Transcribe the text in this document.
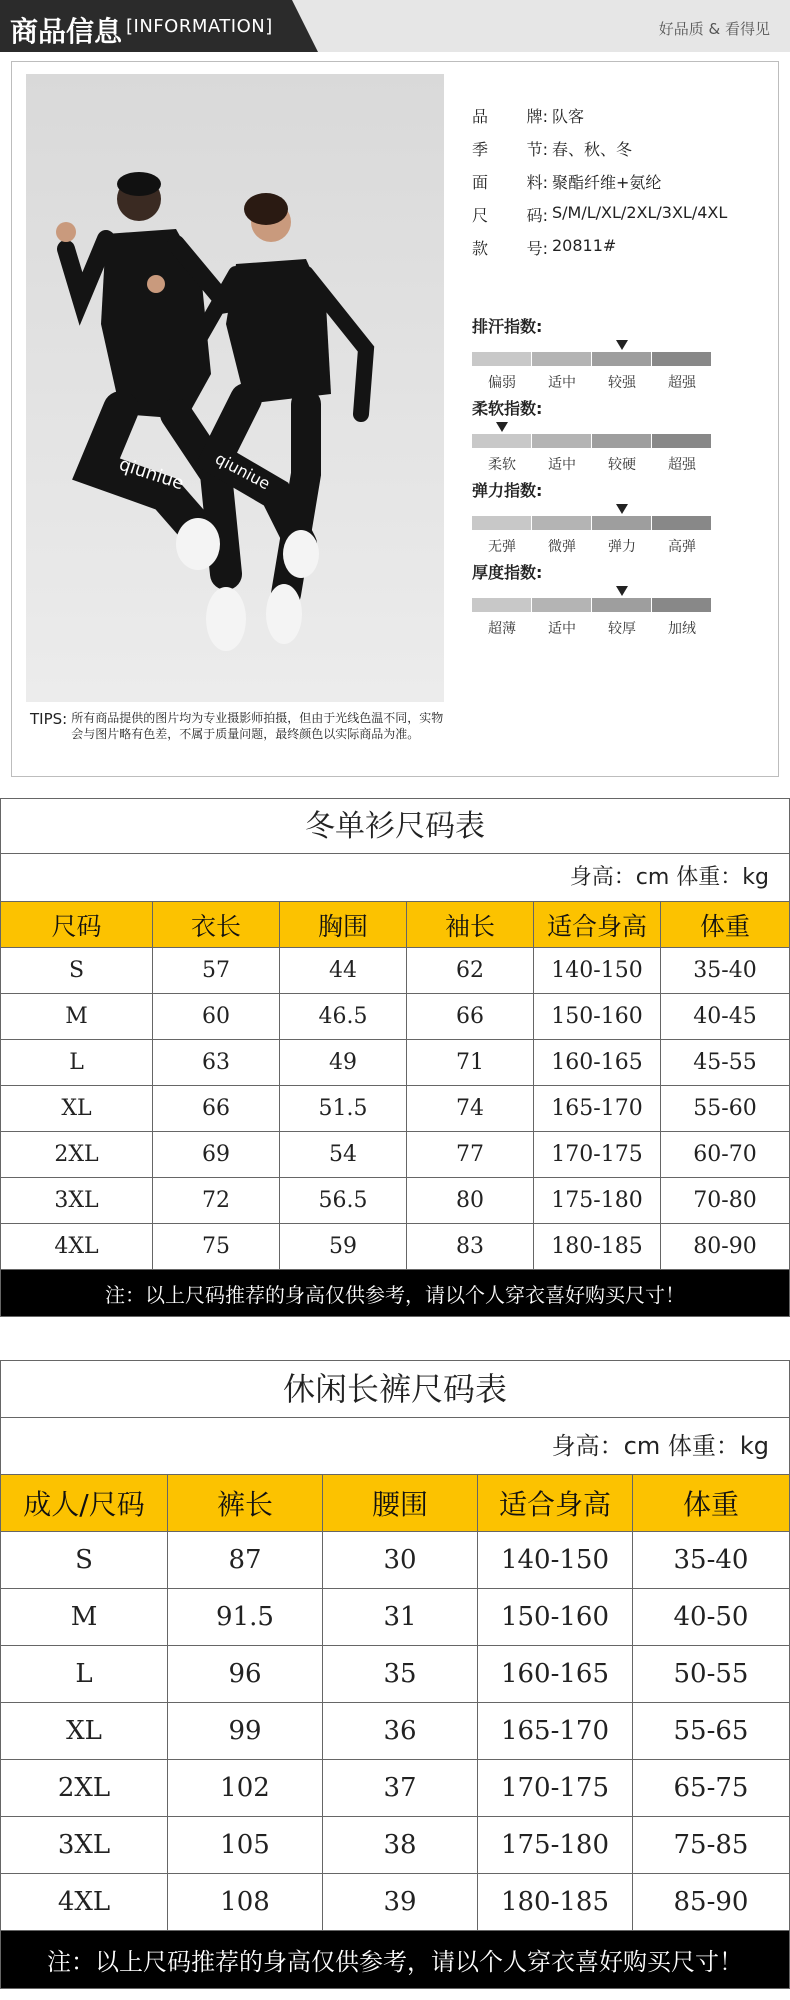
商品信息 [INFORMATION]	好品质 & 看得见
qiuniue qiuniue
TIPS: 所有商品提供的图片均为专业摄影师拍摄，但由于光线色温不同，实物会与图片略有色差，不属于质量问题，最终颜色以实际商品为准。
品 牌: 队客
季 节: 春、秋、冬
面 料: 聚酯纤维+氨纶
尺 码: S/M/L/XL/2XL/3XL/4XL
款 号: 20811#
排汗指数:
偏弱	适中	较强	超强
柔软指数:
柔软	适中	较硬	超强
弹力指数:
无弹	微弹	弹力	高弹
厚度指数:
超薄	适中	较厚	加绒
冬单衫尺码表
身高：cm 体重：kg
尺码	衣长	胸围	袖长	适合身高	体重
S	57	44	62	140-150	35-40
M	60	46.5	66	150-160	40-45
L	63	49	71	160-165	45-55
XL	66	51.5	74	165-170	55-60
2XL	69	54	77	170-175	60-70
3XL	72	56.5	80	175-180	70-80
4XL	75	59	83	180-185	80-90
注：以上尺码推荐的身高仅供参考，请以个人穿衣喜好购买尺寸！
休闲长裤尺码表
身高：cm 体重：kg
成人/尺码	裤长	腰围	适合身高	体重
S	87	30	140-150	35-40
M	91.5	31	150-160	40-50
L	96	35	160-165	50-55
XL	99	36	165-170	55-65
2XL	102	37	170-175	65-75
3XL	105	38	175-180	75-85
4XL	108	39	180-185	85-90
注：以上尺码推荐的身高仅供参考，请以个人穿衣喜好购买尺寸！
